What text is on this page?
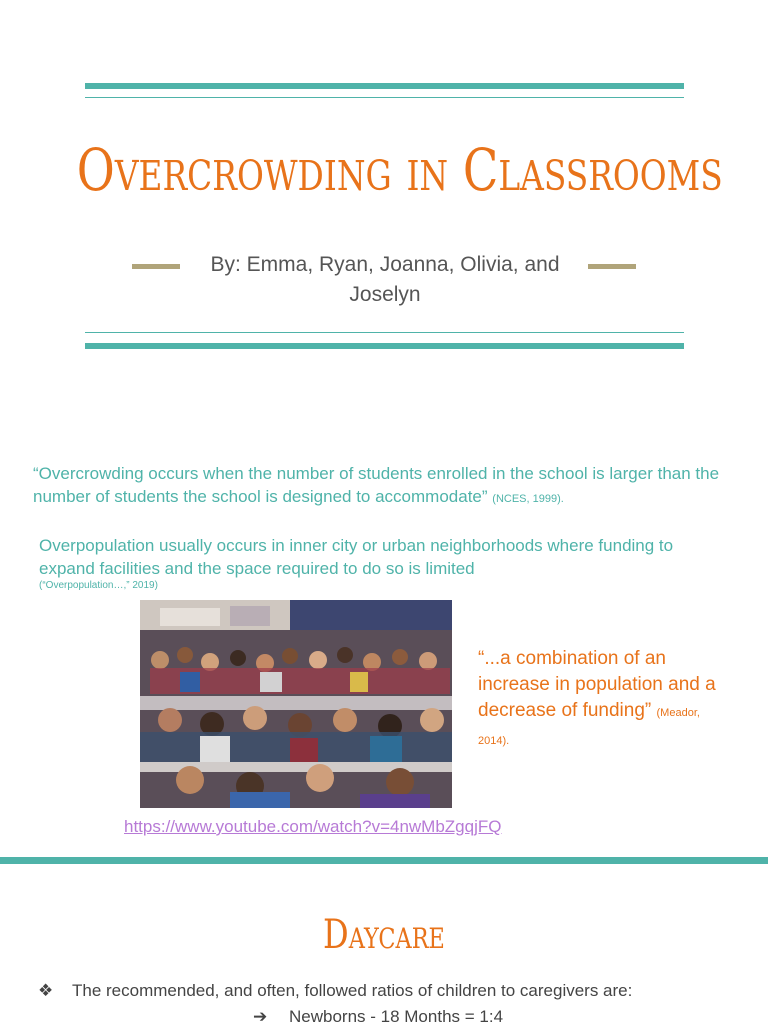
Overcrowding in Classrooms
By: Emma, Ryan, Joanna, Olivia, and
Joselyn
“Overcrowding occurs when the number of students enrolled in the school is larger than the number of students the school is designed to accommodate” (NCES, 1999).
Overpopulation usually occurs in inner city or urban neighborhoods where funding to expand facilities and the space required to do so is limited
(“Overpopulation…,” 2019)
“...a combination of an increase in population and a decrease of funding” (Meador, 2014).
https://www.youtube.com/watch?v=4nwMbZgqjFQ
Daycare
❖ The recommended, and often, followed ratios of children to caregivers are:
➔ Newborns - 18 Months = 1:4
